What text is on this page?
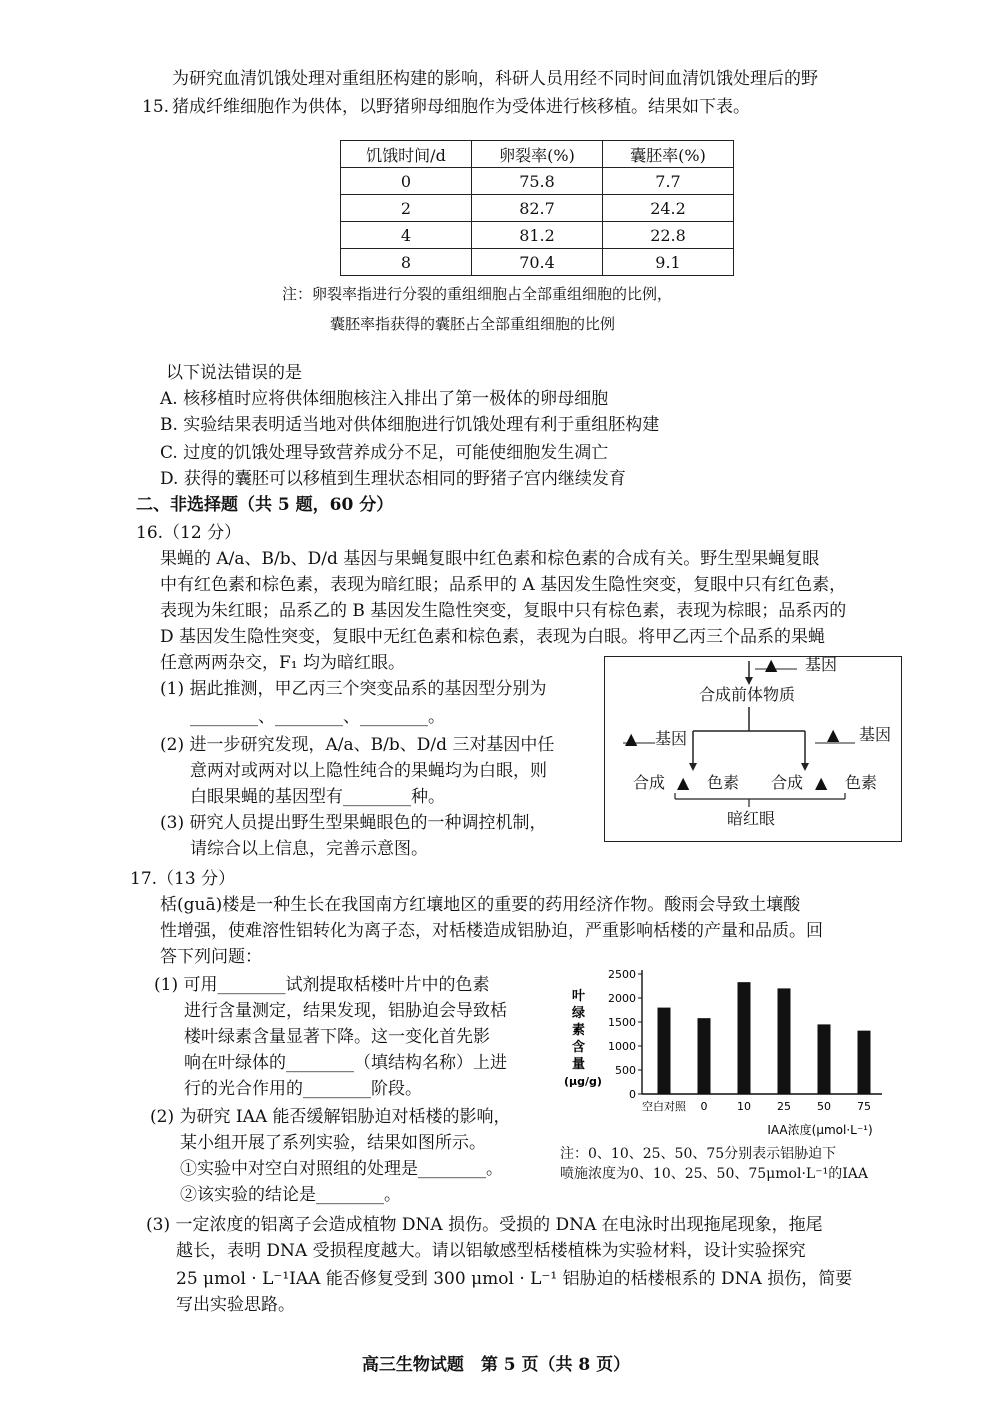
为研究血清饥饿处理对重组胚构建的影响，科研人员用经不同时间血清饥饿处理后的野
15. 猪成纤维细胞作为供体，以野猪卵母细胞作为受体进行核移植。结果如下表。
饥饿时间/d	卵裂率(%)	囊胚率(%)
0	75.8	7.7
2	82.7	24.2
4	81.2	22.8
8	70.4	9.1
注：卵裂率指进行分裂的重组细胞占全部重组细胞的比例，
囊胚率指获得的囊胚占全部重组细胞的比例
以下说法错误的是
A. 核移植时应将供体细胞核注入排出了第一极体的卵母细胞
B. 实验结果表明适当地对供体细胞进行饥饿处理有利于重组胚构建
C. 过度的饥饿处理导致营养成分不足，可能使细胞发生凋亡
D. 获得的囊胚可以移植到生理状态相同的野猪子宫内继续发育
二、非选择题（共 5 题，60 分）
16.（12 分）
果蝇的 A/a、B/b、D/d 基因与果蝇复眼中红色素和棕色素的合成有关。野生型果蝇复眼
中有红色素和棕色素，表现为暗红眼；品系甲的 A 基因发生隐性突变，复眼中只有红色素，
表现为朱红眼；品系乙的 B 基因发生隐性突变，复眼中只有棕色素，表现为棕眼；品系丙的
D 基因发生隐性突变，复眼中无红色素和棕色素，表现为白眼。将甲乙丙三个品系的果蝇
任意两两杂交，F₁ 均为暗红眼。
(1) 据此推测，甲乙丙三个突变品系的基因型分别为
________、________、________。
(2) 进一步研究发现，A/a、B/b、D/d 三对基因中任
意两对或两对以上隐性纯合的果蝇均为白眼，则
白眼果蝇的基因型有________种。
(3) 研究人员提出野生型果蝇眼色的一种调控机制，
请综合以上信息，完善示意图。
▲ 基因
合成前体物质
▲ 基因	▲ 基因
合成 ▲ 色素 合成 ▲ 色素
暗红眼
17.（13 分）
栝(guā)楼是一种生长在我国南方红壤地区的重要的药用经济作物。酸雨会导致土壤酸
性增强，使难溶性铝转化为离子态，对栝楼造成铝胁迫，严重影响栝楼的产量和品质。回
答下列问题：
(1) 可用________试剂提取栝楼叶片中的色素
进行含量测定，结果发现，铝胁迫会导致栝
楼叶绿素含量显著下降。这一变化首先影
响在叶绿体的________（填结构名称）上进
行的光合作用的________阶段。
(2) 为研究 IAA 能否缓解铝胁迫对栝楼的影响，
某小组开展了系列实验，结果如图所示。
①实验中对空白对照组的处理是________。
②该实验的结论是________。
(3) 一定浓度的铝离子会造成植物 DNA 损伤。受损的 DNA 在电泳时出现拖尾现象，拖尾
越长，表明 DNA 受损程度越大。请以铝敏感型栝楼植株为实验材料，设计实验探究
25 μmol · L⁻¹IAA 能否修复受到 300 μmol · L⁻¹ 铝胁迫的栝楼根系的 DNA 损伤，简要
写出实验思路。
叶
绿
素
含
量
(μg/g)
0
500
1000
1500
2000
2500
空白对照 0	10 25 50 75
IAA浓度(μmol·L⁻¹)
注：0、10、25、50、75分别表示铝胁迫下
喷施浓度为0、10、25、50、75μmol·L⁻¹的IAA
高三生物试题　第 5 页（共 8 页）
